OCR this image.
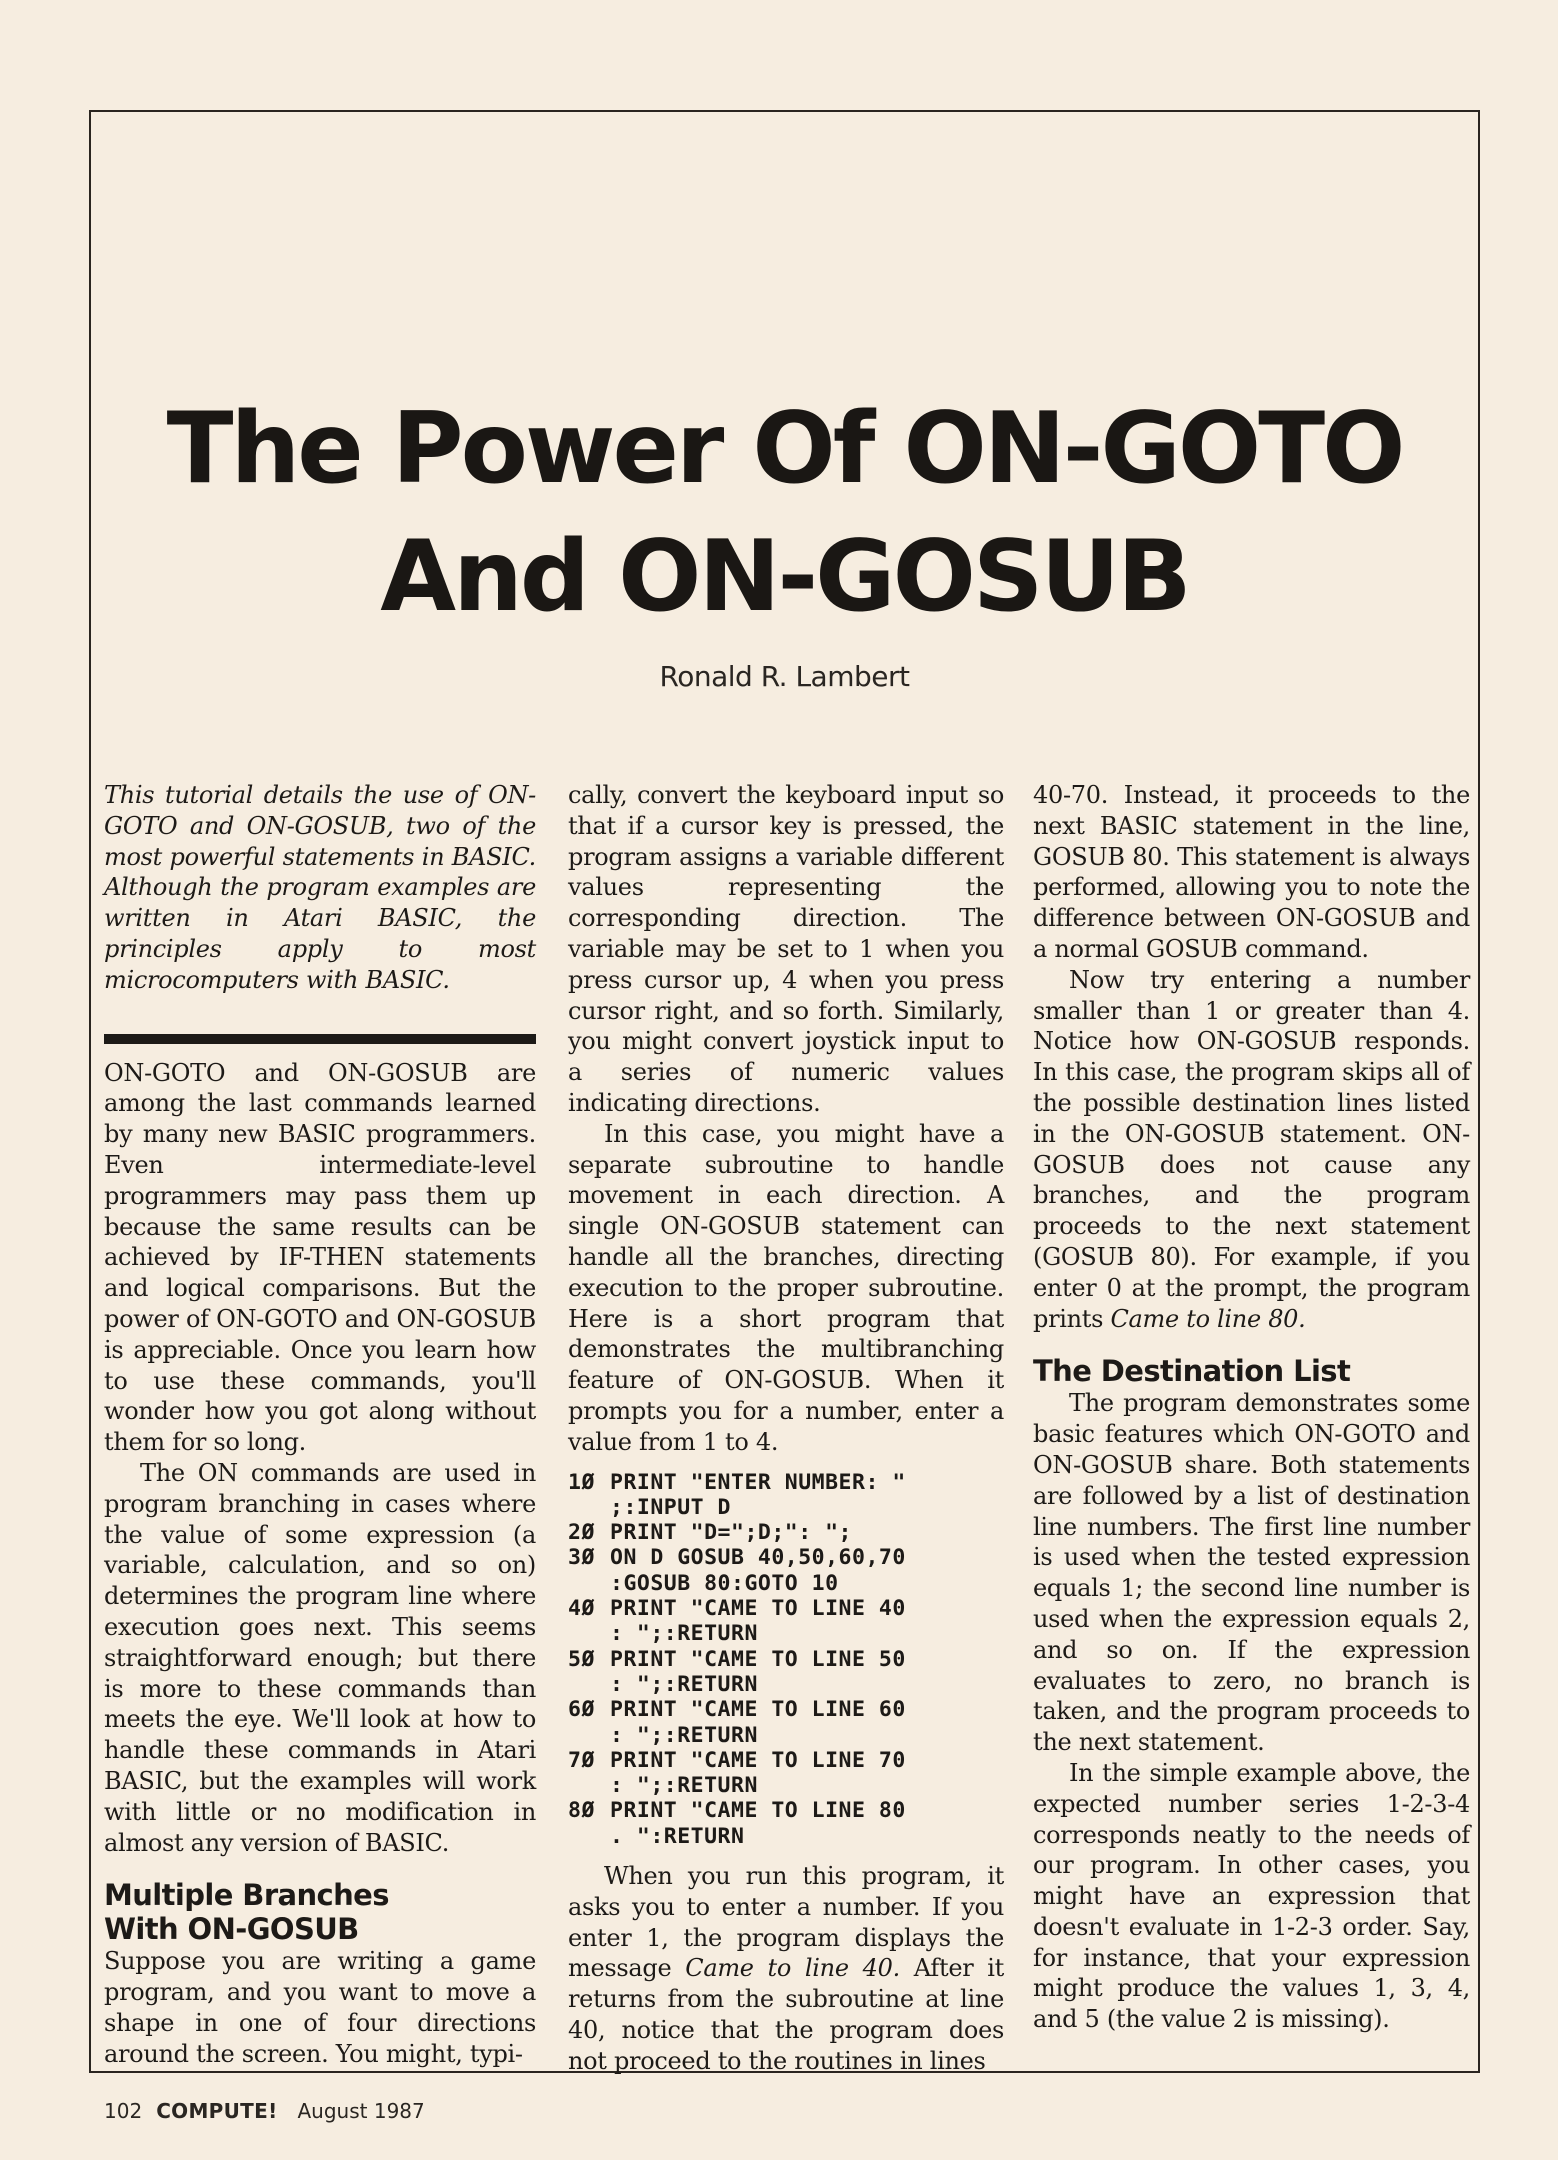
The Power Of ON-GOTO
And ON-GOSUB
Ronald R. Lambert

This tutorial details the use of ON-GOTO and ON-GOSUB, two of the most powerful statements in BASIC. Although the program examples are written in Atari BASIC, the principles apply to most microcomputers with BASIC.

ON-GOTO and ON-GOSUB are among the last commands learned by many new BASIC programmers. Even intermediate-level programmers may pass them up because the same results can be achieved by IF-THEN statements and logical comparisons. But the power of ON-GOTO and ON-GOSUB is appreciable. Once you learn how to use these commands, you'll wonder how you got along without them for so long.

The ON commands are used in program branching in cases where the value of some expression (a variable, calculation, and so on) determines the program line where execution goes next. This seems straightforward enough; but there is more to these commands than meets the eye. We'll look at how to handle these commands in Atari BASIC, but the examples will work with little or no modification in almost any version of BASIC.

Multiple Branches
With ON-GOSUB

Suppose you are writing a game program, and you want to move a shape in one of four directions around the screen. You might, typi-

cally, convert the keyboard input so that if a cursor key is pressed, the program assigns a variable different values representing the corresponding direction. The variable may be set to 1 when you press cursor up, 4 when you press cursor right, and so forth. Similarly, you might convert joystick input to a series of numeric values indicating directions.

In this case, you might have a separate subroutine to handle movement in each direction. A single ON-GOSUB statement can handle all the branches, directing execution to the proper subroutine. Here is a short program that demonstrates the multibranching feature of ON-GOSUB. When it prompts you for a number, enter a value from 1 to 4.

1Ø PRINT "ENTER NUMBER: "
;:INPUT D
2Ø PRINT "D=";D;": ";
3Ø ON D GOSUB 40,50,60,70
:GOSUB 80:GOTO 10
4Ø PRINT "CAME TO LINE 40
: ";:RETURN
5Ø PRINT "CAME TO LINE 50
: ";:RETURN
6Ø PRINT "CAME TO LINE 60
: ";:RETURN
7Ø PRINT "CAME TO LINE 70
: ";:RETURN
8Ø PRINT "CAME TO LINE 80
. ":RETURN

When you run this program, it asks you to enter a number. If you enter 1, the program displays the message Came to line 40. After it returns from the subroutine at line 40, notice that the program does not proceed to the routines in lines

40-70. Instead, it proceeds to the next BASIC statement in the line, GOSUB 80. This statement is always performed, allowing you to note the difference between ON-GOSUB and a normal GOSUB command.

Now try entering a number smaller than 1 or greater than 4. Notice how ON-GOSUB responds. In this case, the program skips all of the possible destination lines listed in the ON-GOSUB statement. ON-GOSUB does not cause any branches, and the program proceeds to the next statement (GOSUB 80). For example, if you enter 0 at the prompt, the program prints Came to line 80.

The Destination List

The program demonstrates some basic features which ON-GOTO and ON-GOSUB share. Both statements are followed by a list of destination line numbers. The first line number is used when the tested expression equals 1; the second line number is used when the expression equals 2, and so on. If the expression evaluates to zero, no branch is taken, and the program proceeds to the next statement.

In the simple example above, the expected number series 1-2-3-4 corresponds neatly to the needs of our program. In other cases, you might have an expression that doesn't evaluate in 1-2-3 order. Say, for instance, that your expression might produce the values 1, 3, 4, and 5 (the value 2 is missing).

102 COMPUTE! August 1987
